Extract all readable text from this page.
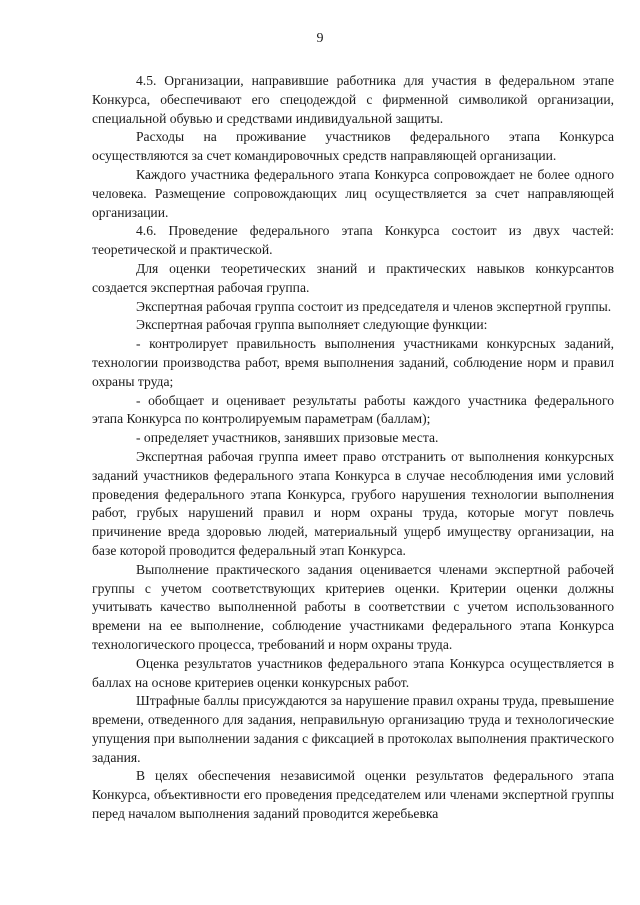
9

4.5. Организации, направившие работника для участия в федеральном этапе Конкурса, обеспечивают его спецодеждой с фирменной символикой организации, специальной обувью и средствами индивидуальной защиты.

Расходы на проживание участников федерального этапа Конкурса осуществляются за счет командировочных средств направляющей организации.

Каждого участника федерального этапа Конкурса сопровождает не более одного человека. Размещение сопровождающих лиц осуществляется за счет направляющей организации.

4.6. Проведение федерального этапа Конкурса состоит из двух частей: теоретической и практической.

Для оценки теоретических знаний и практических навыков конкурсантов создается экспертная рабочая группа.

Экспертная рабочая группа состоит из председателя и членов экспертной группы.

Экспертная рабочая группа выполняет следующие функции:

- контролирует правильность выполнения участниками конкурсных заданий, технологии производства работ, время выполнения заданий, соблюдение норм и правил охраны труда;

- обобщает и оценивает результаты работы каждого участника федерального этапа Конкурса по контролируемым параметрам (баллам);

- определяет участников, занявших призовые места.

Экспертная рабочая группа имеет право отстранить от выполнения конкурсных заданий участников федерального этапа Конкурса в случае несоблюдения ими условий проведения федерального этапа Конкурса, грубого нарушения технологии выполнения работ, грубых нарушений правил и норм охраны труда, которые могут повлечь причинение вреда здоровью людей, материальный ущерб имуществу организации, на базе которой проводится федеральный этап Конкурса.

Выполнение практического задания оценивается членами экспертной рабочей группы с учетом соответствующих критериев оценки. Критерии оценки должны учитывать качество выполненной работы в соответствии с учетом использованного времени на ее выполнение, соблюдение участниками федерального этапа Конкурса технологического процесса, требований и норм охраны труда.

Оценка результатов участников федерального этапа Конкурса осуществляется в баллах на основе критериев оценки конкурсных работ.

Штрафные баллы присуждаются за нарушение правил охраны труда, превышение времени, отведенного для задания, неправильную организацию труда и технологические упущения при выполнении задания с фиксацией в протоколах выполнения практического задания.

В целях обеспечения независимой оценки результатов федерального этапа Конкурса, объективности его проведения председателем или членами экспертной группы перед началом выполнения заданий проводится жеребьевка
